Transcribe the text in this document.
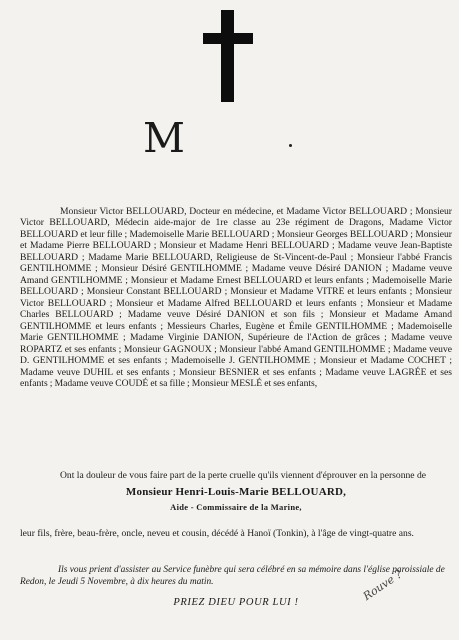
M

Monsieur Victor BELLOUARD, Docteur en médecine, et Madame Victor BELLOUARD ; Monsieur Victor BELLOUARD, Médecin aide-major de 1re classe au 23e régiment de Dragons, Madame Victor BELLOUARD et leur fille ; Mademoiselle Marie BELLOUARD ; Monsieur Georges BELLOUARD ; Monsieur et Madame Pierre BELLOUARD ; Monsieur et Madame Henri BELLOUARD ; Madame veuve Jean-Baptiste BELLOUARD ; Madame Marie BELLOUARD, Religieuse de St-Vincent-de-Paul ; Monsieur l'abbé Francis GENTILHOMME ; Monsieur Désiré GENTILHOMME ; Madame veuve Désiré DANION ; Madame veuve Amand GENTILHOMME ; Monsieur et Madame Ernest BELLOUARD et leurs enfants ; Mademoiselle Marie BELLOUARD ; Monsieur Constant BELLOUARD ; Monsieur et Madame VITRE et leurs enfants ; Monsieur Victor BELLOUARD ; Monsieur et Madame Alfred BELLOUARD et leurs enfants ; Monsieur et Madame Charles BELLOUARD ; Madame veuve Désiré DANION et son fils ; Monsieur et Madame Amand GENTILHOMME et leurs enfants ; Messieurs Charles, Eugène et Émile GENTILHOMME ; Mademoiselle Marie GENTILHOMME ; Madame Virginie DANION, Supérieure de l'Action de grâces ; Madame veuve ROPARTZ et ses enfants ; Monsieur GAGNOUX ; Monsieur l'abbé Amand GENTILHOMME ; Madame veuve D. GENTILHOMME et ses enfants ; Mademoiselle J. GENTILHOMME ; Monsieur et Madame COCHET ; Madame veuve DUHIL et ses enfants ; Monsieur BESNIER et ses enfants ; Madame veuve LAGRÉE et ses enfants ; Madame veuve COUDÉ et sa fille ; Monsieur MESLÉ et ses enfants,

Ont la douleur de vous faire part de la perte cruelle qu'ils viennent d'éprouver en la personne de

Monsieur Henri-Louis-Marie BELLOUARD,
Aide - Commissaire de la Marine,

leur fils, frère, beau-frère, oncle, neveu et cousin, décédé à Hanoï (Tonkin), à l'âge de vingt-quatre ans.

Ils vous prient d'assister au Service funèbre qui sera célébré en sa mémoire dans l'église paroissiale de Redon, le Jeudi 5 Novembre, à dix heures du matin.

PRIEZ DIEU POUR LUI !	Rouve ?
